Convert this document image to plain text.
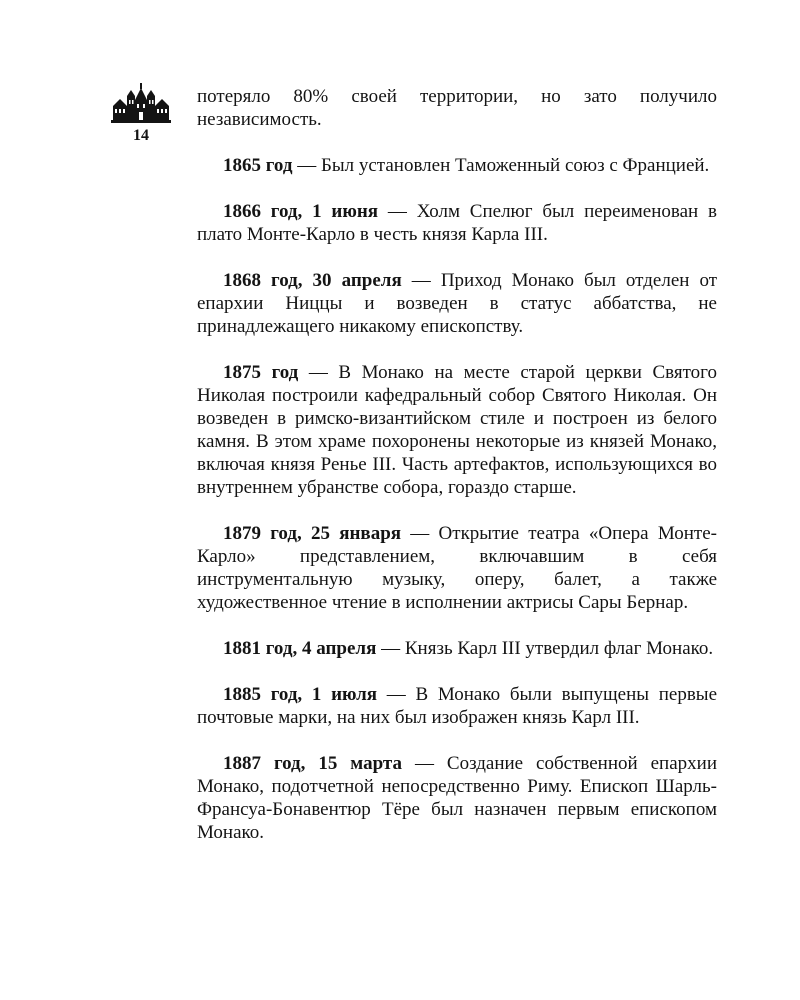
14

потеряло 80% своей территории, но зато получило независимость.

1865 год — Был установлен Таможенный союз с Францией.

1866 год, 1 июня — Холм Спелюг был переименован в плато Монте-Карло в честь князя Карла III.

1868 год, 30 апреля — Приход Монако был отделен от епархии Ниццы и возведен в статус аббатства, не принадлежащего никакому епископству.

1875 год — В Монако на месте старой церкви Святого Николая построили кафедральный собор Святого Николая. Он возведен в римско-византийском стиле и построен из белого камня. В этом храме похоронены некоторые из князей Монако, включая князя Ренье III. Часть артефактов, использующихся во внутреннем убранстве собора, гораздо старше.

1879 год, 25 января — Открытие театра «Опера Монте-Карло» представлением, включавшим в себя инструментальную музыку, оперу, балет, а также художественное чтение в исполнении актрисы Сары Бернар.

1881 год, 4 апреля — Князь Карл III утвердил флаг Монако.

1885 год, 1 июля — В Монако были выпущены первые почтовые марки, на них был изображен князь Карл III.

1887 год, 15 марта — Создание собственной епархии Монако, подотчетной непосредственно Риму. Епископ Шарль-Франсуа-Бонавентюр Тёре был назначен первым епископом Монако.
